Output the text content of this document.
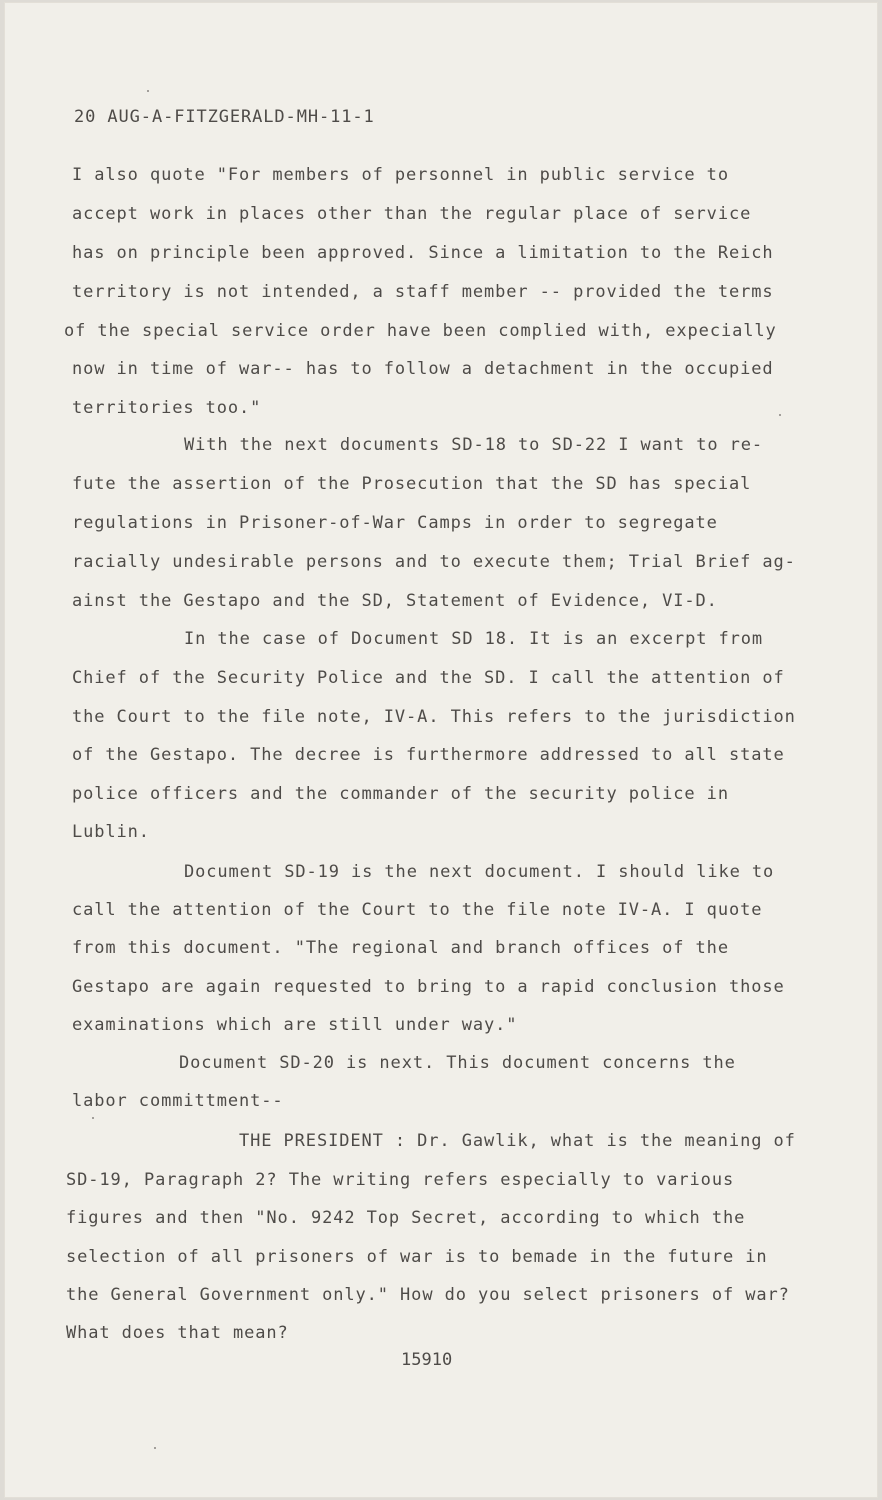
20 AUG-A-FITZGERALD-MH-11-1
I also quote "For members of personnel in public service to
accept work in places other than the regular place of service
has on principle been approved. Since a limitation to the Reich
territory is not intended, a staff member -- provided the terms
of the special service order have been complied with, expecially
now in time of war-- has to follow a detachment in the occupied
territories too."
With the next documents SD-18 to SD-22 I want to re-
fute the assertion of the Prosecution that the SD has special
regulations in Prisoner-of-War Camps in order to segregate
racially undesirable persons and to execute them; Trial Brief ag-
ainst the Gestapo and the SD, Statement of Evidence, VI-D.
In the case of Document SD 18. It is an excerpt from
Chief of the Security Police and the SD. I call the attention of
the Court to the file note, IV-A. This refers to the jurisdiction
of the Gestapo. The decree is furthermore addressed to all state
police officers and the commander of the security police in
Lublin.
Document SD-19 is the next document. I should like to
call the attention of the Court to the file note IV-A. I quote
from this document. "The regional and branch offices of the
Gestapo are again requested to bring to a rapid conclusion those
examinations which are still under way."
Document SD-20 is next. This document concerns the
labor committment--
THE PRESIDENT : Dr. Gawlik, what is the meaning of
SD-19, Paragraph 2? The writing refers especially to various
figures and then "No. 9242 Top Secret, according to which the
selection of all prisoners of war is to bemade in the future in
the General Government only." How do you select prisoners of war?
What does that mean?
15910
